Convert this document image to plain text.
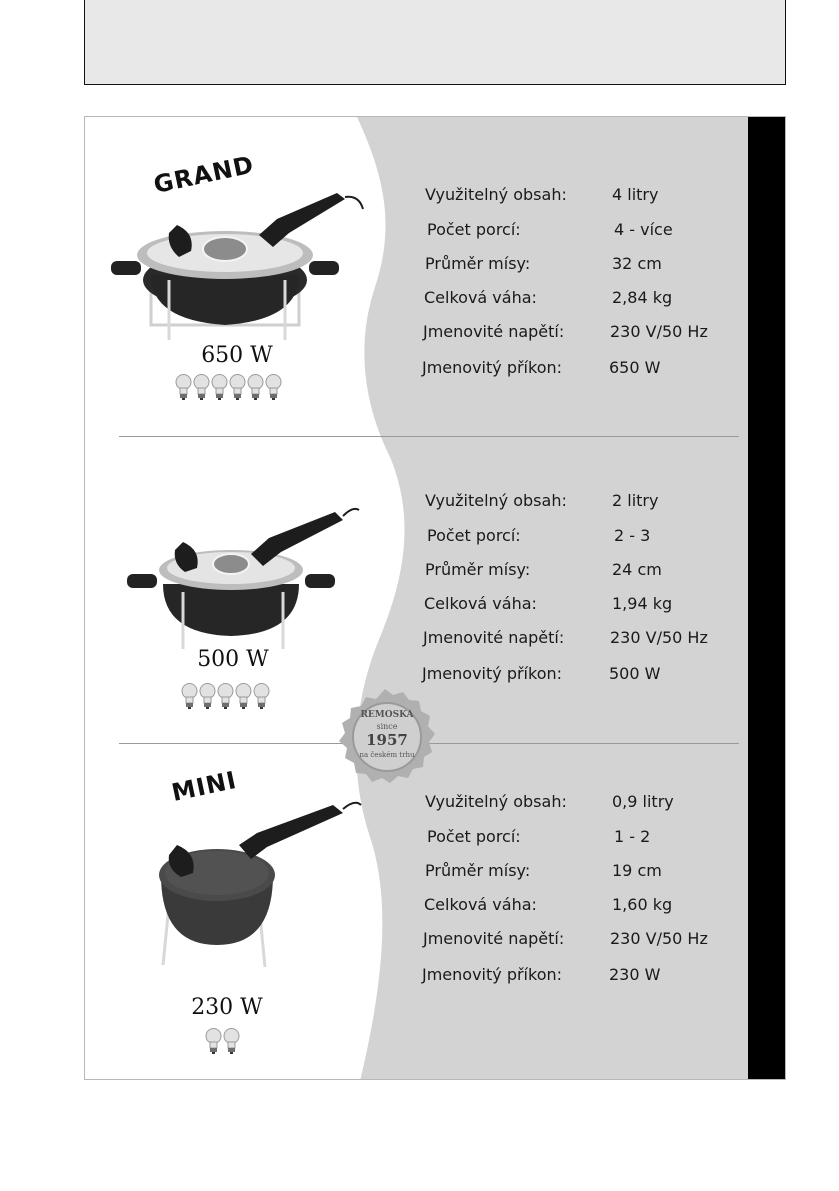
GRAND
650 W
500 W
REMOSKA
since
1957
na českém trhu
MINI
230 W
Využitelný obsah:	4 litry
Počet porcí:	4 - více
Průměr mísy:	32 cm
Celková váha:	2,84 kg
Jmenovité napětí:	230 V/50 Hz
Jmenovitý příkon:	650 W
Využitelný obsah:	2 litry
Počet porcí:	2 - 3
Průměr mísy:	24 cm
Celková váha:	1,94 kg
Jmenovité napětí:	230 V/50 Hz
Jmenovitý příkon:	500 W
Využitelný obsah:	0,9 litry
Počet porcí:	1 - 2
Průměr mísy:	19 cm
Celková váha:	1,60 kg
Jmenovité napětí:	230 V/50 Hz
Jmenovitý příkon:	230 W
